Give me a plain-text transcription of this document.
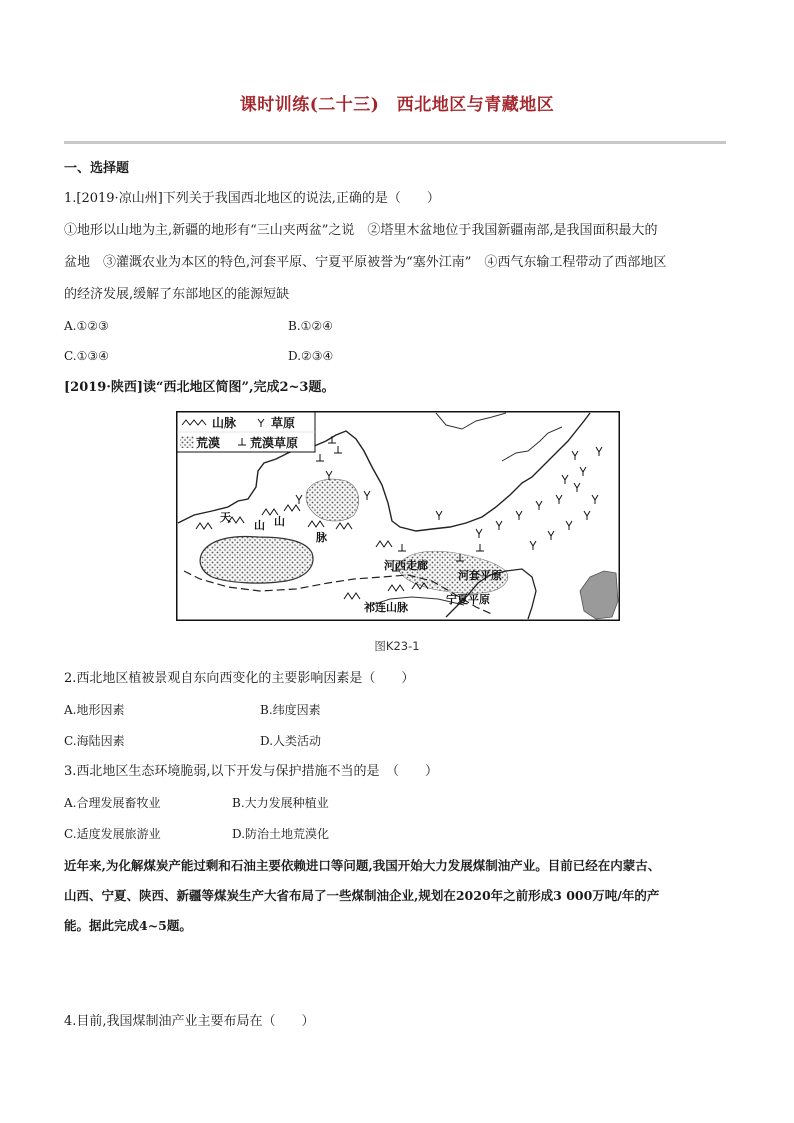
课时训练(二十三)　西北地区与青藏地区
一、选择题
1.[2019·凉山州]下列关于我国西北地区的说法,正确的是（　　）
①地形以山地为主,新疆的地形有“三山夹两盆”之说　②塔里木盆地位于我国新疆南部,是我国面积最大的
盆地　③灌溉农业为本区的特色,河套平原、宁夏平原被誉为“塞外江南”　④西气东输工程带动了西部地区
的经济发展,缓解了东部地区的能源短缺
A.①②③	B.①②④
C.①③④	D.②③④
[2019·陕西]读“西北地区简图”,完成2~3题。
山脉	草原
荒漠 荒漠草原
天
山 山
脉
河西走廊
河套平原
祁连山脉
宁夏平原
图K23-1
2.西北地区植被景观自东向西变化的主要影响因素是（　　）
A.地形因素	B.纬度因素
C.海陆因素	D.人类活动
3.西北地区生态环境脆弱,以下开发与保护措施不当的是　（　　）
A.合理发展畜牧业	B.大力发展种植业
C.适度发展旅游业	D.防治土地荒漠化
近年来,为化解煤炭产能过剩和石油主要依赖进口等问题,我国开始大力发展煤制油产业。目前已经在内蒙古、
山西、宁夏、陕西、新疆等煤炭生产大省布局了一些煤制油企业,规划在2020年之前形成3 000万吨/年的产
能。据此完成4~5题。
4.目前,我国煤制油产业主要布局在（　　）
